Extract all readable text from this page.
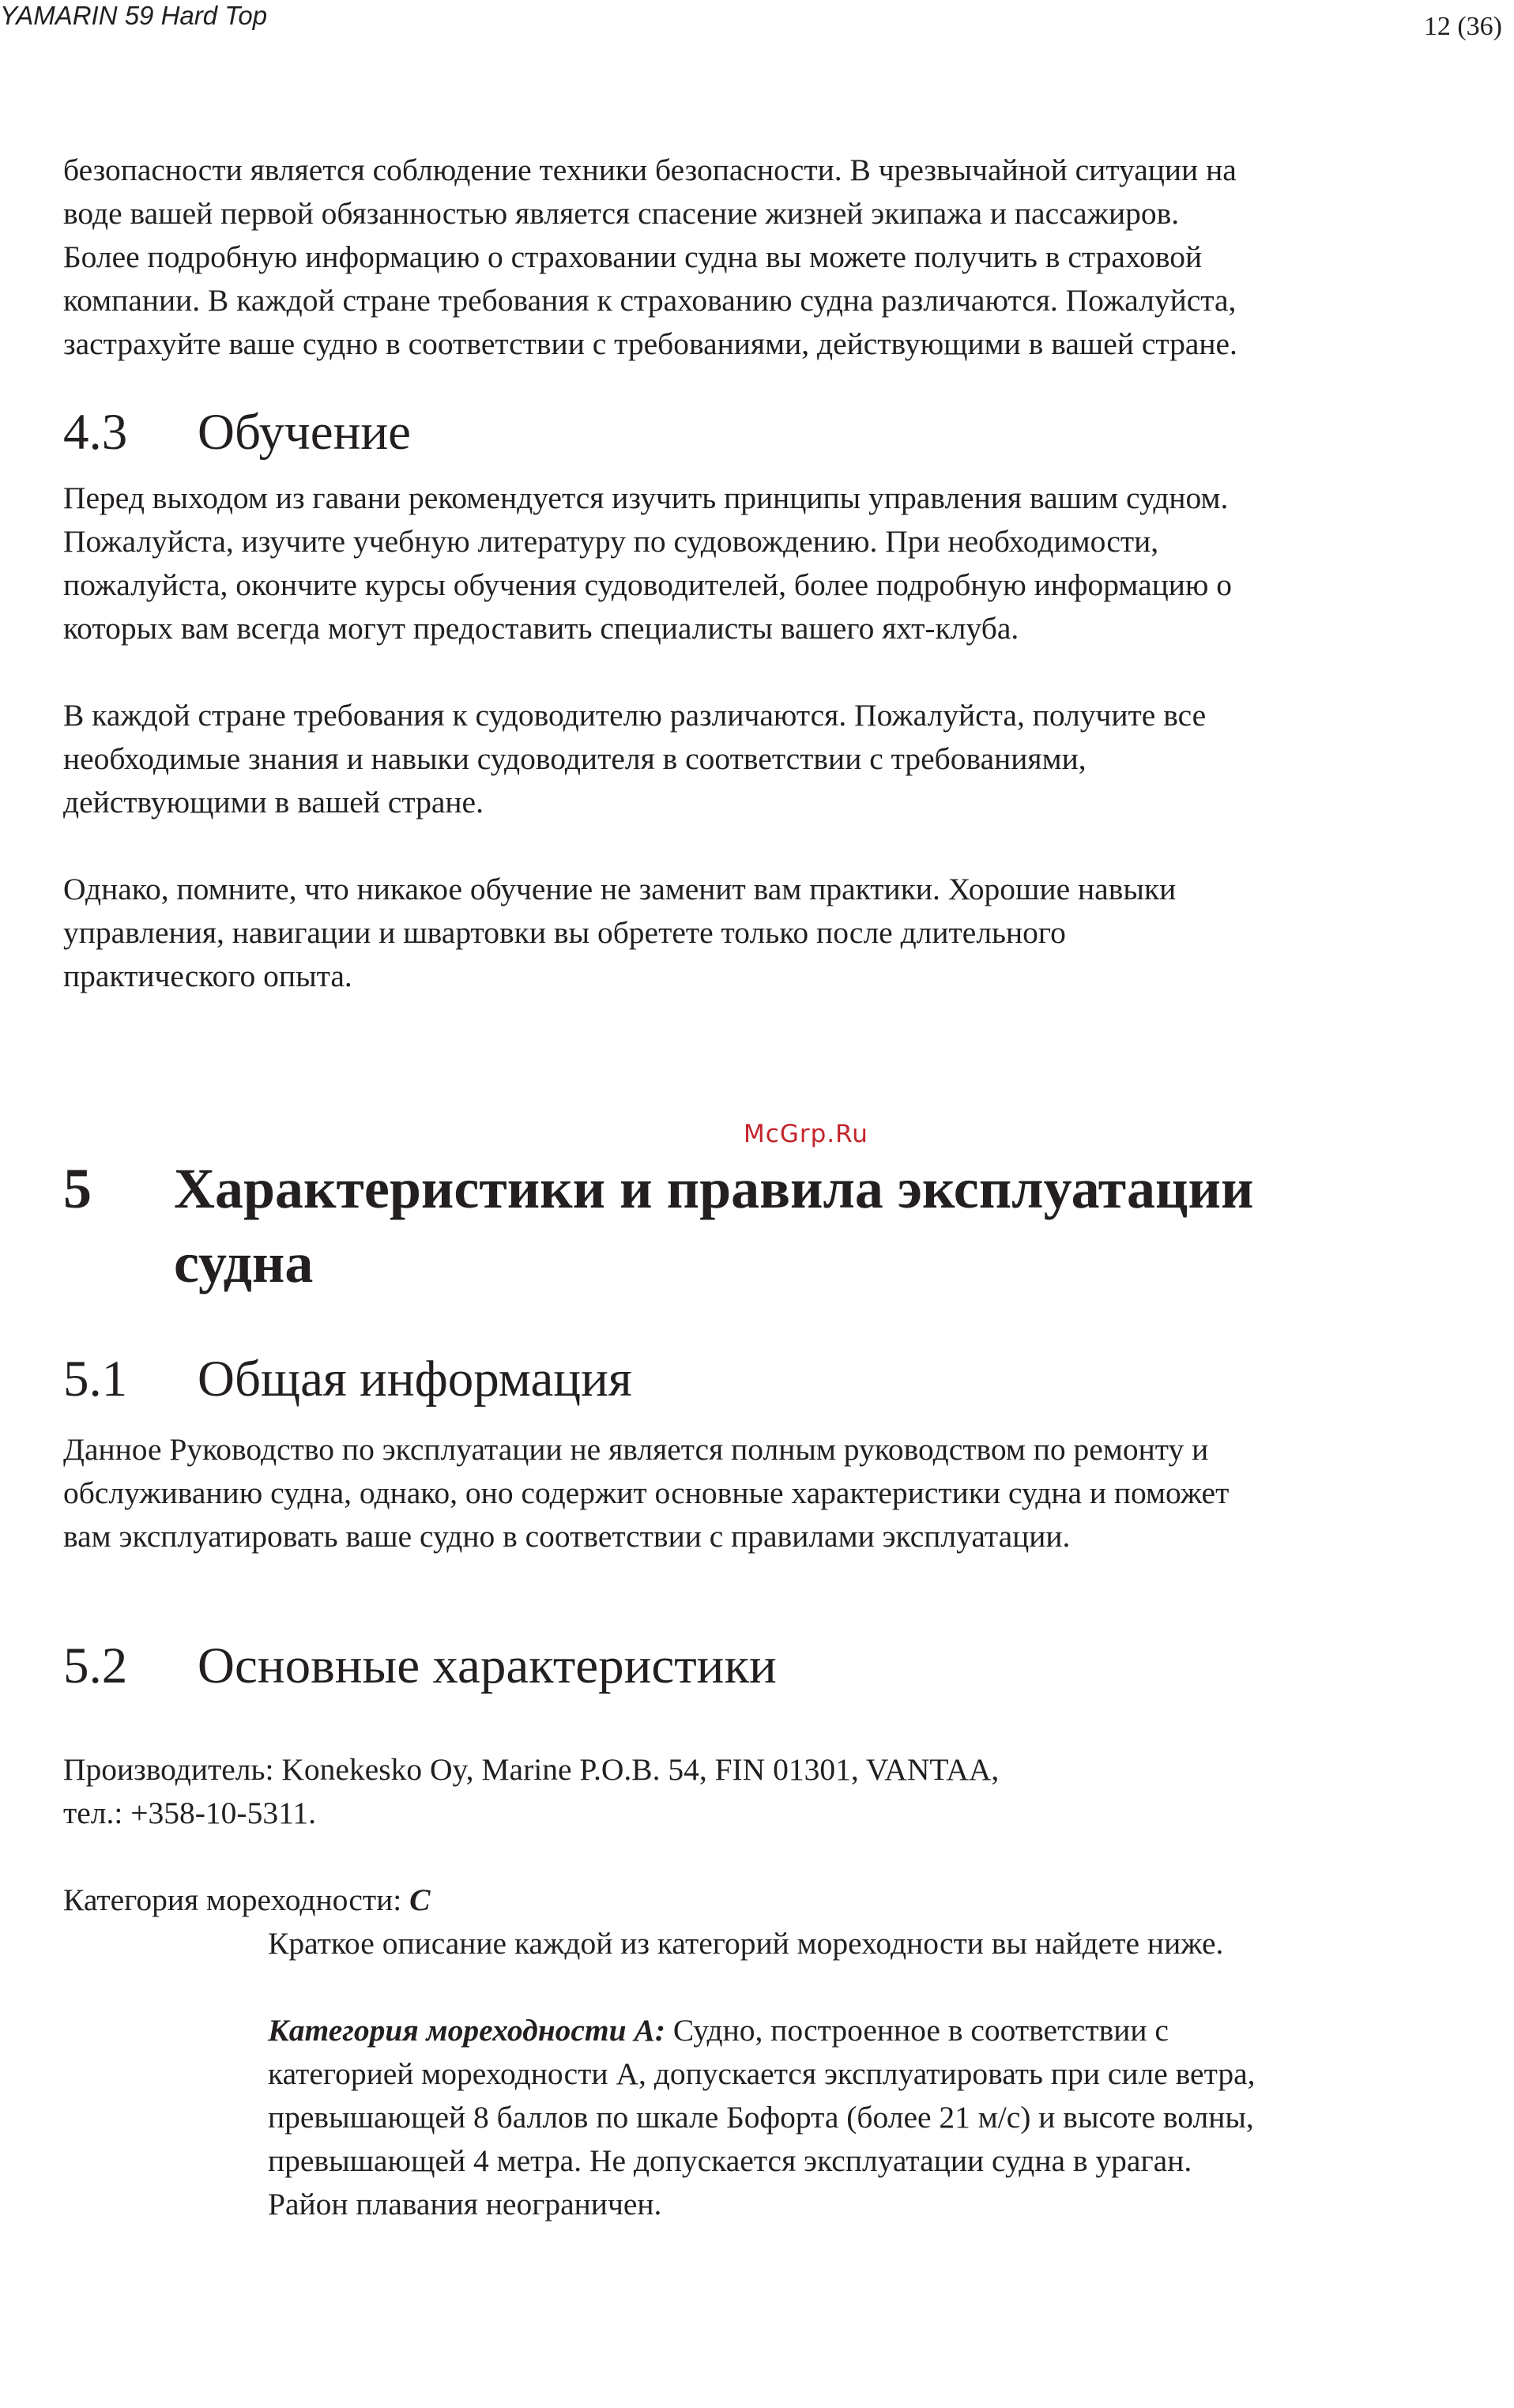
YAMARIN 59 Hard Top	12 (36)

безопасности является соблюдение техники безопасности. В чрезвычайной ситуации на
воде вашей первой обязанностью является спасение жизней экипажа и пассажиров.
Более подробную информацию о страховании судна вы можете получить в страховой
компании. В каждой стране требования к страхованию судна различаются. Пожалуйста,
застрахуйте ваше судно в соответствии с требованиями, действующими в вашей стране.

4.3	Обучение

Перед выходом из гавани рекомендуется изучить принципы управления вашим судном.
Пожалуйста, изучите учебную литературу по судовождению. При необходимости,
пожалуйста, окончите курсы обучения судоводителей, более подробную информацию о
которых вам всегда могут предоставить специалисты вашего яхт-клуба.

В каждой стране требования к судоводителю различаются. Пожалуйста, получите все
необходимые знания и навыки судоводителя в соответствии с требованиями,
действующими в вашей стране.

Однако, помните, что никакое обучение не заменит вам практики. Хорошие навыки
управления, навигации и швартовки вы обретете только после длительного
практического опыта.

McGrp.Ru

5	Характеристики и правила эксплуатации
судна
5.1	Общая информация

Данное Руководство по эксплуатации не является полным руководством по ремонту и
обслуживанию судна, однако, оно содержит основные характеристики судна и поможет
вам эксплуатировать ваше судно в соответствии с правилами эксплуатации.

5.2	Основные характеристики

Производитель: Konekesko Oy, Marine P.O.B. 54, FIN 01301, VANTAA,
тел.: +358-10-5311.

Категория мореходности: C

Краткое описание каждой из категорий мореходности вы найдете ниже.

Категория мореходности A: Судно, построенное в соответствии с
категорией мореходности А, допускается эксплуатировать при силе ветра,
превышающей 8 баллов по шкале Бофорта (более 21 м/с) и высоте волны,
превышающей 4 метра. Не допускается эксплуатации судна в ураган.
Район плавания неограничен.
